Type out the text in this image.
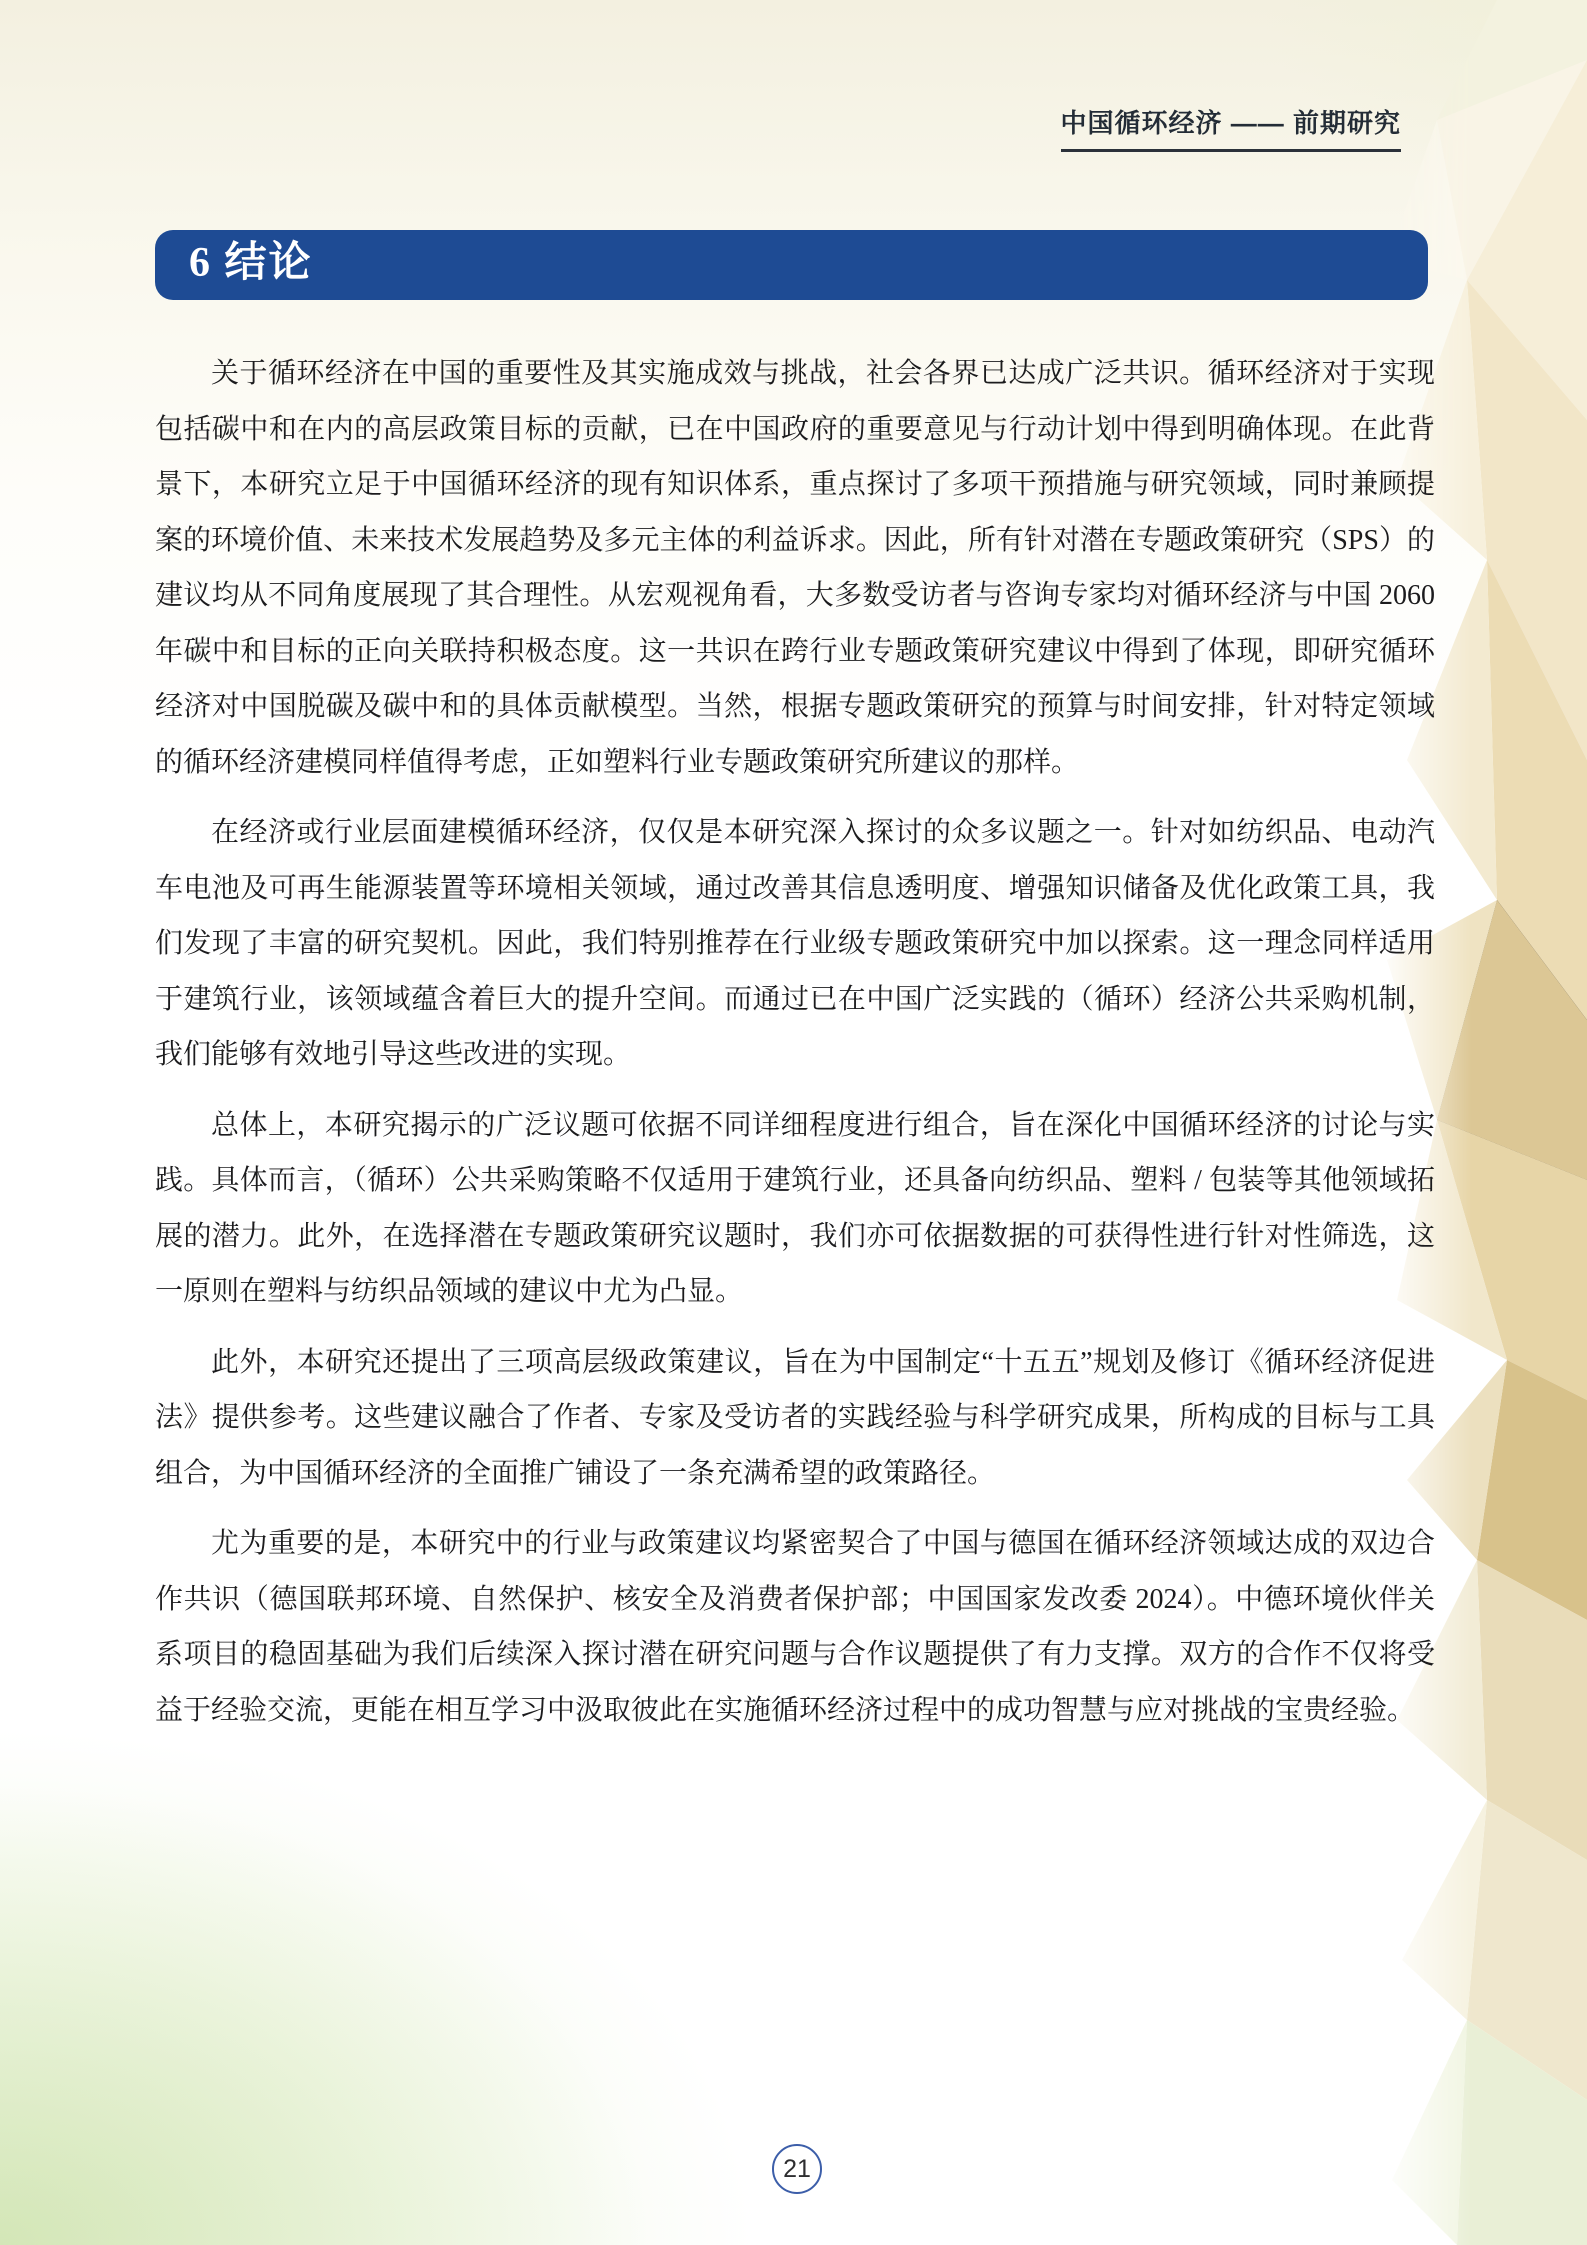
中国循环经济 —— 前期研究
6 结论

关于循环经济在中国的重要性及其实施成效与挑战，社会各界已达成广泛共识。循环经济对于实现包括碳中和在内的高层政策目标的贡献，已在中国政府的重要意见与行动计划中得到明确体现。在此背景下，本研究立足于中国循环经济的现有知识体系，重点探讨了多项干预措施与研究领域，同时兼顾提案的环境价值、未来技术发展趋势及多元主体的利益诉求。因此，所有针对潜在专题政策研究（SPS）的建议均从不同角度展现了其合理性。从宏观视角看，大多数受访者与咨询专家均对循环经济与中国 2060 年碳中和目标的正向关联持积极态度。这一共识在跨行业专题政策研究建议中得到了体现，即研究循环经济对中国脱碳及碳中和的具体贡献模型。当然，根据专题政策研究的预算与时间安排，针对特定领域的循环经济建模同样值得考虑，正如塑料行业专题政策研究所建议的那样。

在经济或行业层面建模循环经济，仅仅是本研究深入探讨的众多议题之一。针对如纺织品、电动汽车电池及可再生能源装置等环境相关领域，通过改善其信息透明度、增强知识储备及优化政策工具，我们发现了丰富的研究契机。因此，我们特别推荐在行业级专题政策研究中加以探索。这一理念同样适用于建筑行业，该领域蕴含着巨大的提升空间。而通过已在中国广泛实践的（循环）经济公共采购机制，我们能够有效地引导这些改进的实现。

总体上，本研究揭示的广泛议题可依据不同详细程度进行组合，旨在深化中国循环经济的讨论与实践。具体而言，（循环）公共采购策略不仅适用于建筑行业，还具备向纺织品、塑料 / 包装等其他领域拓展的潜力。此外，在选择潜在专题政策研究议题时，我们亦可依据数据的可获得性进行针对性筛选，这一原则在塑料与纺织品领域的建议中尤为凸显。

此外，本研究还提出了三项高层级政策建议，旨在为中国制定“十五五”规划及修订《循环经济促进法》提供参考。这些建议融合了作者、专家及受访者的实践经验与科学研究成果，所构成的目标与工具组合，为中国循环经济的全面推广铺设了一条充满希望的政策路径。

尤为重要的是，本研究中的行业与政策建议均紧密契合了中国与德国在循环经济领域达成的双边合作共识（德国联邦环境、自然保护、核安全及消费者保护部；中国国家发改委 2024）。中德环境伙伴关系项目的稳固基础为我们后续深入探讨潜在研究问题与合作议题提供了有力支撑。双方的合作不仅将受益于经验交流，更能在相互学习中汲取彼此在实施循环经济过程中的成功智慧与应对挑战的宝贵经验。

21
